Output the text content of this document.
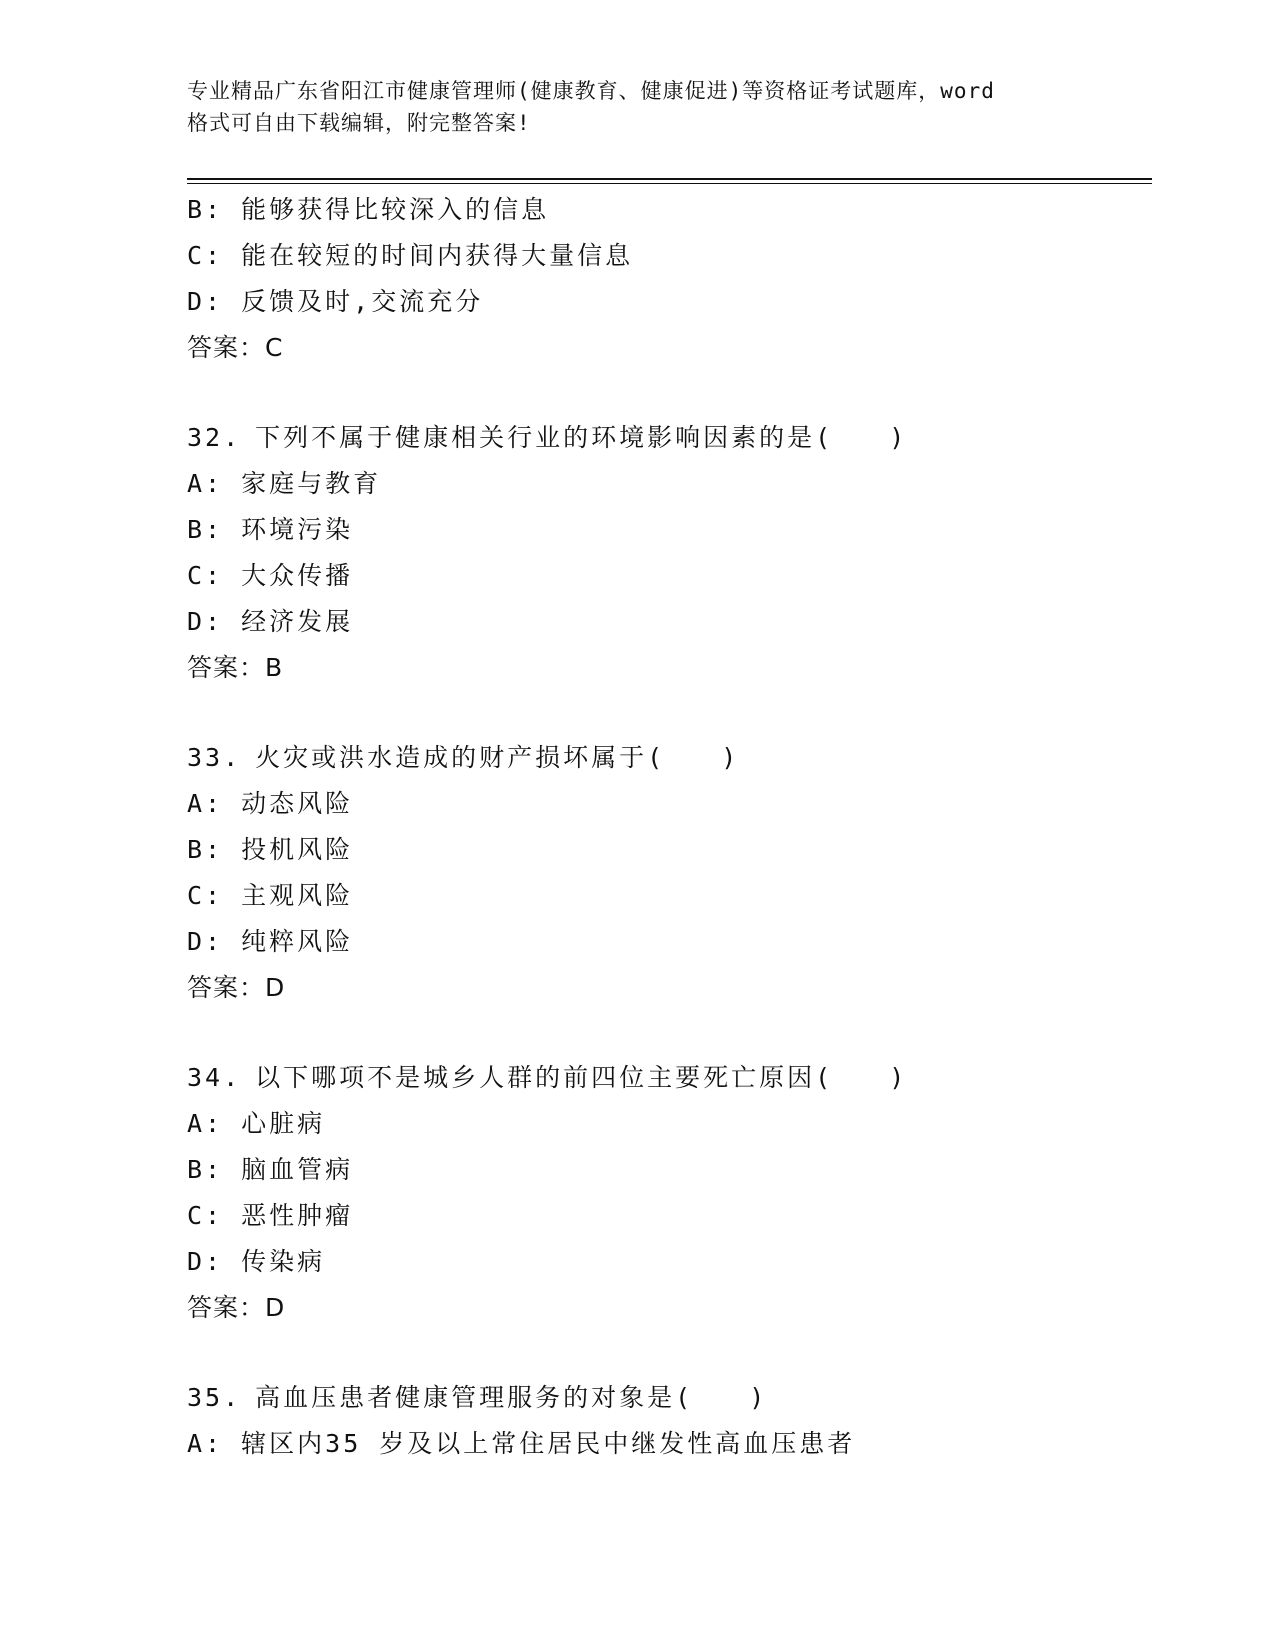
专业精品广东省阳江市健康管理师(健康教育、健康促进)等资格证考试题库，word
格式可自由下载编辑，附完整答案!
B: 能够获得比较深入的信息
C: 能在较短的时间内获得大量信息
D: 反馈及时,交流充分
答案：C
32. 下列不属于健康相关行业的环境影响因素的是(　　)
A: 家庭与教育
B: 环境污染
C: 大众传播
D: 经济发展
答案：B
33. 火灾或洪水造成的财产损坏属于(　　)
A: 动态风险
B: 投机风险
C: 主观风险
D: 纯粹风险
答案：D
34. 以下哪项不是城乡人群的前四位主要死亡原因(　　)
A: 心脏病
B: 脑血管病
C: 恶性肿瘤
D: 传染病
答案：D
35. 高血压患者健康管理服务的对象是(　　)
A: 辖区内35 岁及以上常住居民中继发性高血压患者
